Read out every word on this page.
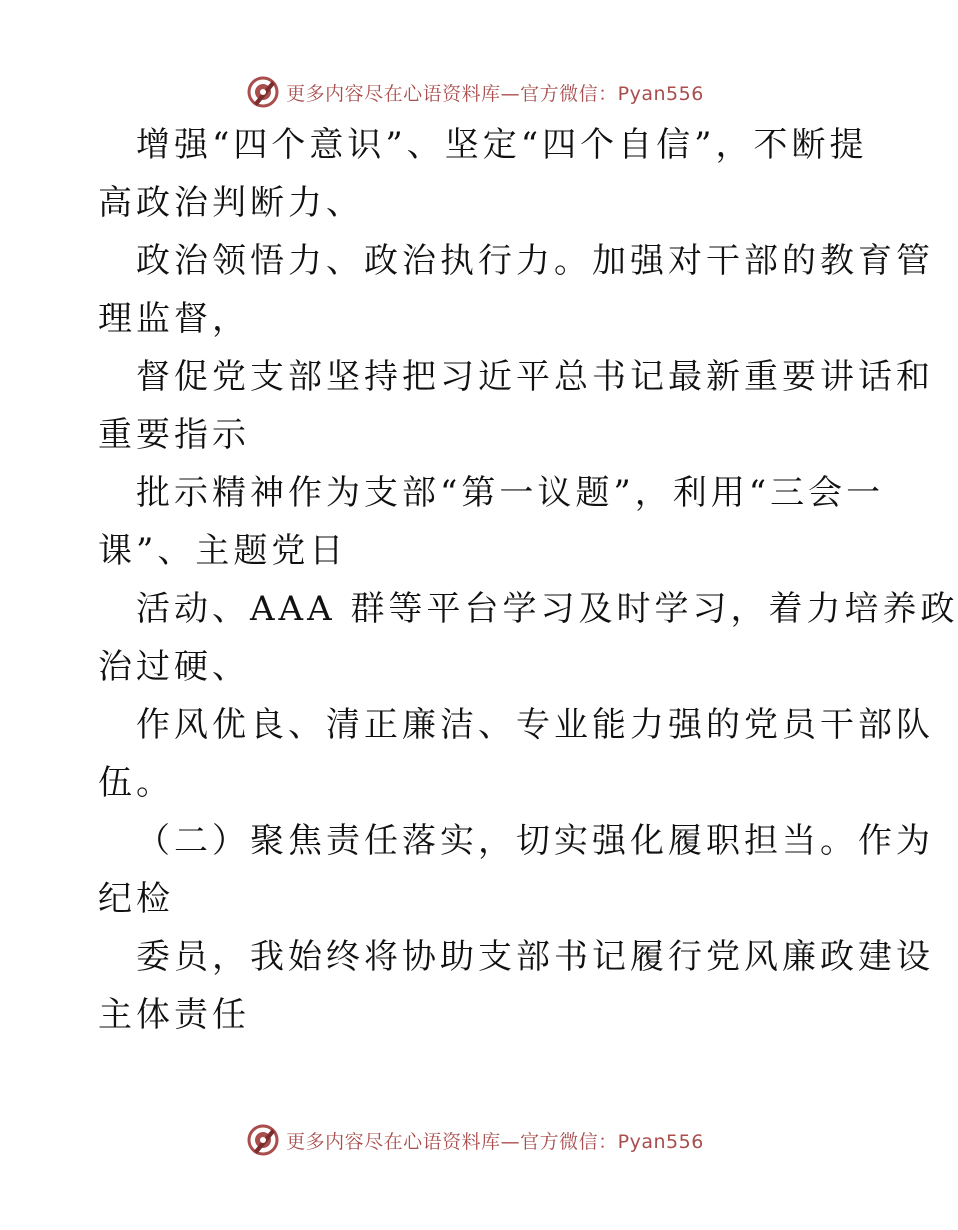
更多内容尽在心语资料库—官方微信：Pyan556
增强“四个意识”、坚定“四个自信”，不断提
高政治判断力、
政治领悟力、政治执行力。加强对干部的教育管
理监督，
督促党支部坚持把习近平总书记最新重要讲话和
重要指示
批示精神作为支部“第一议题”，利用“三会一
课”、主题党日
活动、AAA 群等平台学习及时学习，着力培养政
治过硬、
作风优良、清正廉洁、专业能力强的党员干部队
伍。
（二）聚焦责任落实，切实强化履职担当。作为
纪检
委员，我始终将协助支部书记履行党风廉政建设
主体责任
更多内容尽在心语资料库—官方微信：Pyan556
